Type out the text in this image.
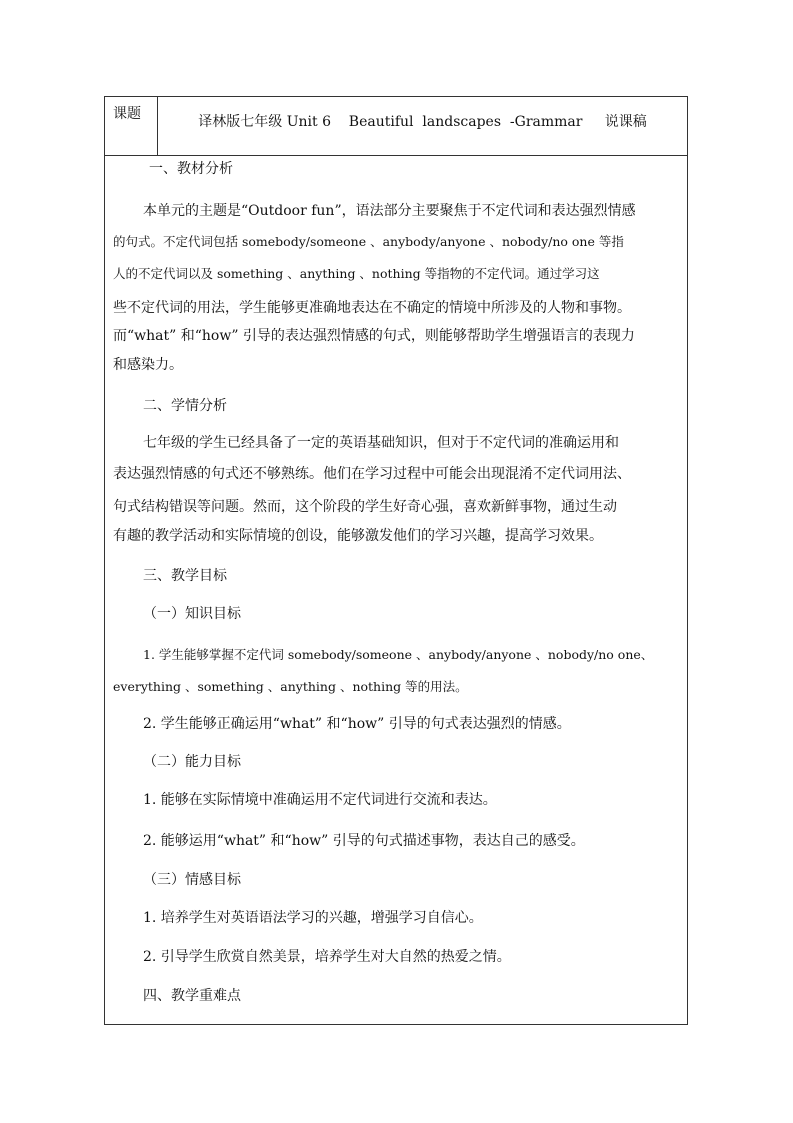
课题	译林版七年级 Unit 6    Beautiful  landscapes  -Grammar     说课稿
一、教材分析
本单元的主题是“Outdoor fun”，语法部分主要聚焦于不定代词和表达强烈情感
的句式。不定代词包括 somebody/someone 、anybody/anyone 、nobody/no one 等指
人的不定代词以及 something 、anything 、nothing 等指物的不定代词。通过学习这
些不定代词的用法，学生能够更准确地表达在不确定的情境中所涉及的人物和事物。
而“what” 和“how” 引导的表达强烈情感的句式，则能够帮助学生增强语言的表现力
和感染力。
二、学情分析
七年级的学生已经具备了一定的英语基础知识，但对于不定代词的准确运用和
表达强烈情感的句式还不够熟练。他们在学习过程中可能会出现混淆不定代词用法、
句式结构错误等问题。然而，这个阶段的学生好奇心强，喜欢新鲜事物，通过生动
有趣的教学活动和实际情境的创设，能够激发他们的学习兴趣，提高学习效果。
三、教学目标
（一）知识目标
1. 学生能够掌握不定代词 somebody/someone 、anybody/anyone 、nobody/no one、
everything 、something 、anything 、nothing 等的用法。
2. 学生能够正确运用“what” 和“how” 引导的句式表达强烈的情感。
（二）能力目标
1. 能够在实际情境中准确运用不定代词进行交流和表达。
2. 能够运用“what” 和“how” 引导的句式描述事物，表达自己的感受。
（三）情感目标
1. 培养学生对英语语法学习的兴趣，增强学习自信心。
2. 引导学生欣赏自然美景，培养学生对大自然的热爱之情。
四、教学重难点
